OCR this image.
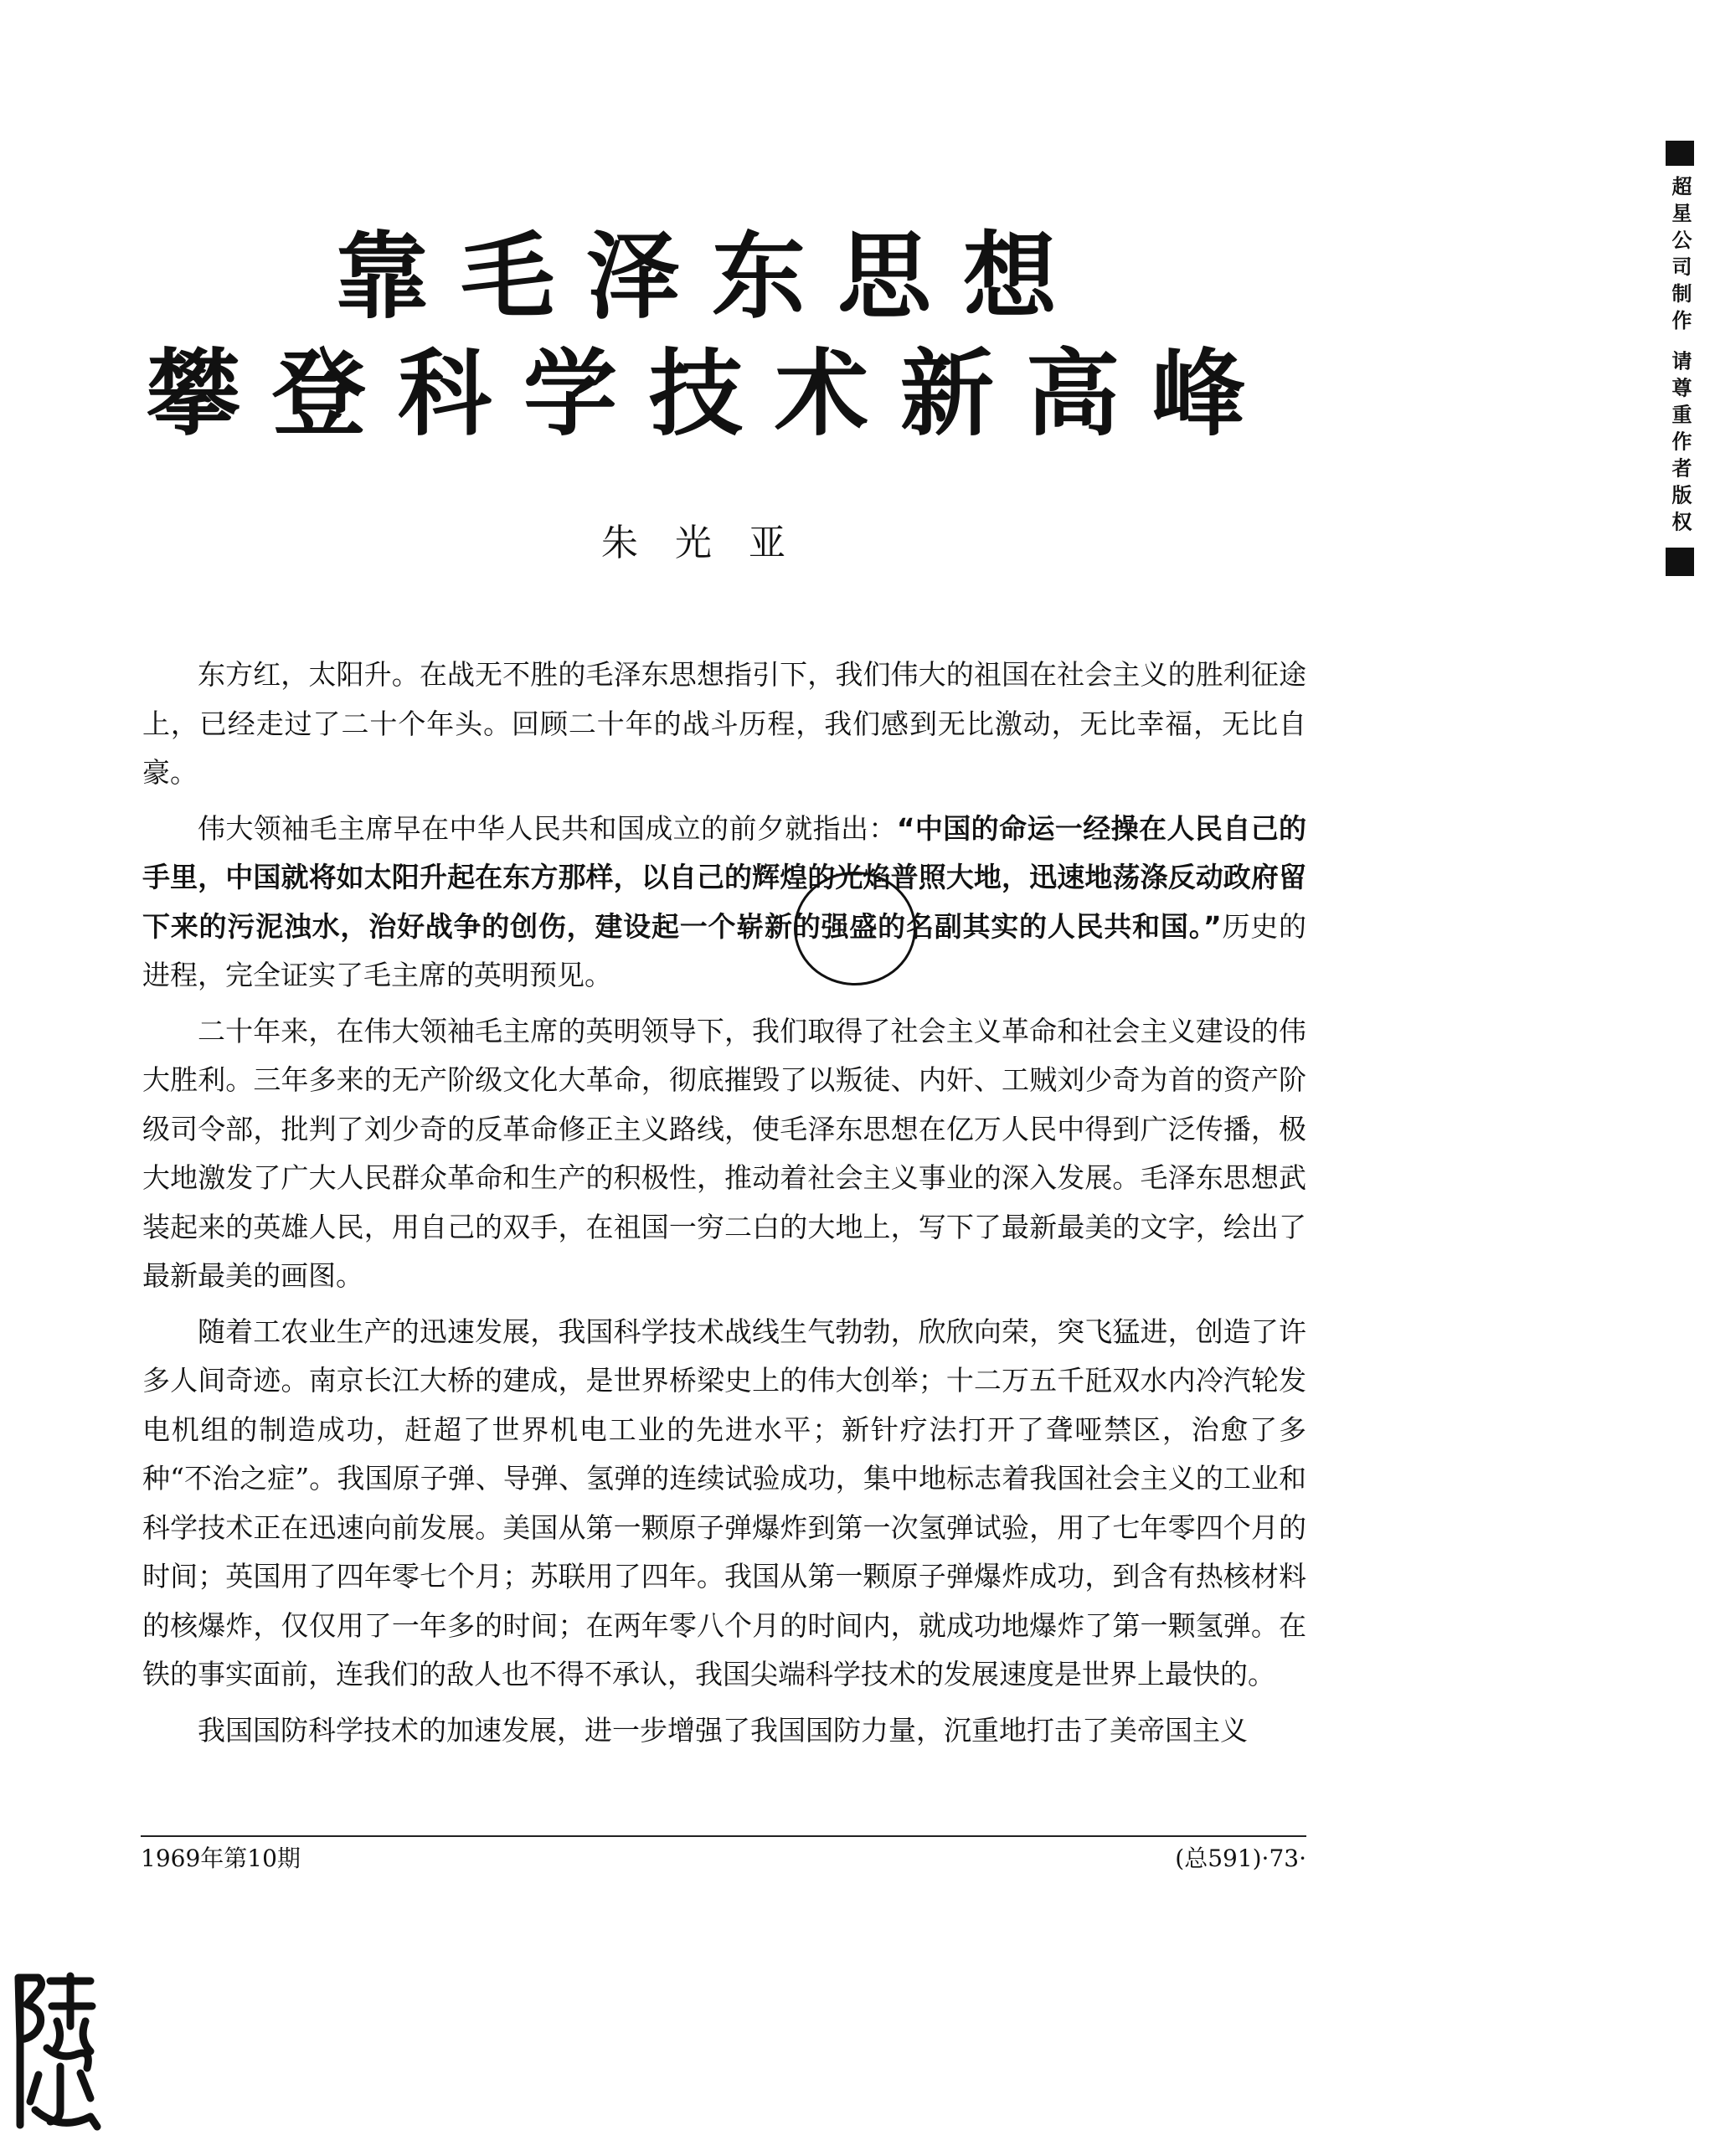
靠毛泽东思想
攀登科学技术新高峰
朱光亚
超星公司制作 请尊重作者版权

东方红，太阳升。在战无不胜的毛泽东思想指引下，我们伟大的祖国在社会主义的胜利征途上，已经走过了二十个年头。回顾二十年的战斗历程，我们感到无比激动，无比幸福，无比自豪。

伟大领袖毛主席早在中华人民共和国成立的前夕就指出：“中国的命运一经操在人民自己的手里，中国就将如太阳升起在东方那样，以自己的辉煌的光焰普照大地，迅速地荡涤反动政府留下来的污泥浊水，治好战争的创伤，建设起一个崭新的强盛的名副其实的人民共和国。”历史的进程，完全证实了毛主席的英明预见。

二十年来，在伟大领袖毛主席的英明领导下，我们取得了社会主义革命和社会主义建设的伟大胜利。三年多来的无产阶级文化大革命，彻底摧毁了以叛徒、内奸、工贼刘少奇为首的资产阶级司令部，批判了刘少奇的反革命修正主义路线，使毛泽东思想在亿万人民中得到广泛传播，极大地激发了广大人民群众革命和生产的积极性，推动着社会主义事业的深入发展。毛泽东思想武装起来的英雄人民，用自己的双手，在祖国一穷二白的大地上，写下了最新最美的文字，绘出了最新最美的画图。

随着工农业生产的迅速发展，我国科学技术战线生气勃勃，欣欣向荣，突飞猛进，创造了许多人间奇迹。南京长江大桥的建成，是世界桥梁史上的伟大创举；十二万五千瓩双水内冷汽轮发电机组的制造成功，赶超了世界机电工业的先进水平；新针疗法打开了聋哑禁区，治愈了多种“不治之症”。我国原子弹、导弹、氢弹的连续试验成功，集中地标志着我国社会主义的工业和科学技术正在迅速向前发展。美国从第一颗原子弹爆炸到第一次氢弹试验，用了七年零四个月的时间；英国用了四年零七个月；苏联用了四年。我国从第一颗原子弹爆炸成功，到含有热核材料的核爆炸，仅仅用了一年多的时间；在两年零八个月的时间内，就成功地爆炸了第一颗氢弹。在铁的事实面前，连我们的敌人也不得不承认，我国尖端科学技术的发展速度是世界上最快的。

我国国防科学技术的加速发展，进一步增强了我国国防力量，沉重地打击了美帝国主义

1969年第10期	(总591)·73·
